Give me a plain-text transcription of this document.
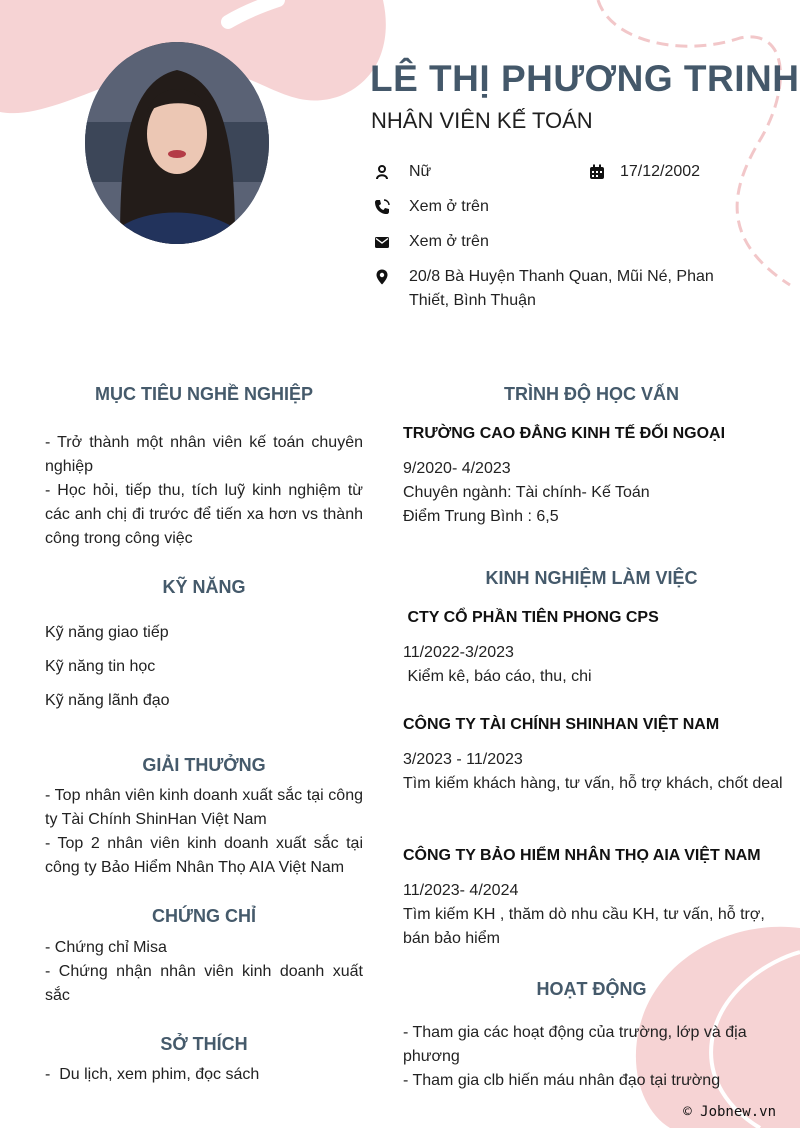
LÊ THỊ PHƯƠNG TRINH
NHÂN VIÊN KẾ TOÁN
Nữ	17/12/2002
Xem ở trên
Xem ở trên
20/8 Bà Huyện Thanh Quan, Mũi Né, Phan
Thiết, Bình Thuận
MỤC TIÊU NGHỀ NGHIỆP
- Trở thành một nhân viên kế toán chuyên nghiệp
- Học hỏi, tiếp thu, tích luỹ kinh nghiệm từ các anh chị đi trước để tiến xa hơn vs thành công trong công việc
KỸ NĂNG
Kỹ năng giao tiếp
Kỹ năng tin học
Kỹ năng lãnh đạo
GIẢI THƯỞNG
- Top nhân viên kinh doanh xuất sắc tại công ty Tài Chính ShinHan Việt Nam
- Top 2 nhân viên kinh doanh xuất sắc tại công ty Bảo Hiểm Nhân Thọ AIA Việt Nam
CHỨNG CHỈ
- Chứng chỉ Misa
- Chứng nhận nhân viên kinh doanh xuất sắc
SỞ THÍCH
-  Du lịch, xem phim, đọc sách
TRÌNH ĐỘ HỌC VẤN
TRƯỜNG CAO ĐẲNG KINH TẾ ĐỐI NGOẠI
9/2020- 4/2023
Chuyên ngành: Tài chính- Kế Toán
Điểm Trung Bình : 6,5
KINH NGHIỆM LÀM VIỆC
CTY CỔ PHẦN TIÊN PHONG CPS
11/2022-3/2023
Kiểm kê, báo cáo, thu, chi
CÔNG TY TÀI CHÍNH SHINHAN VIỆT NAM
3/2023 - 11/2023
Tìm kiếm khách hàng, tư vấn, hỗ trợ khách, chốt deal
CÔNG TY BẢO HIỂM NHÂN THỌ AIA VIỆT NAM
11/2023- 4/2024
Tìm kiếm KH , thăm dò nhu cầu KH, tư vấn, hỗ trợ, bán bảo hiểm
HOẠT ĐỘNG
- Tham gia các hoạt động của trường, lớp và địa phương
- Tham gia clb hiến máu nhân đạo tại trường
© Jobnew.vn
